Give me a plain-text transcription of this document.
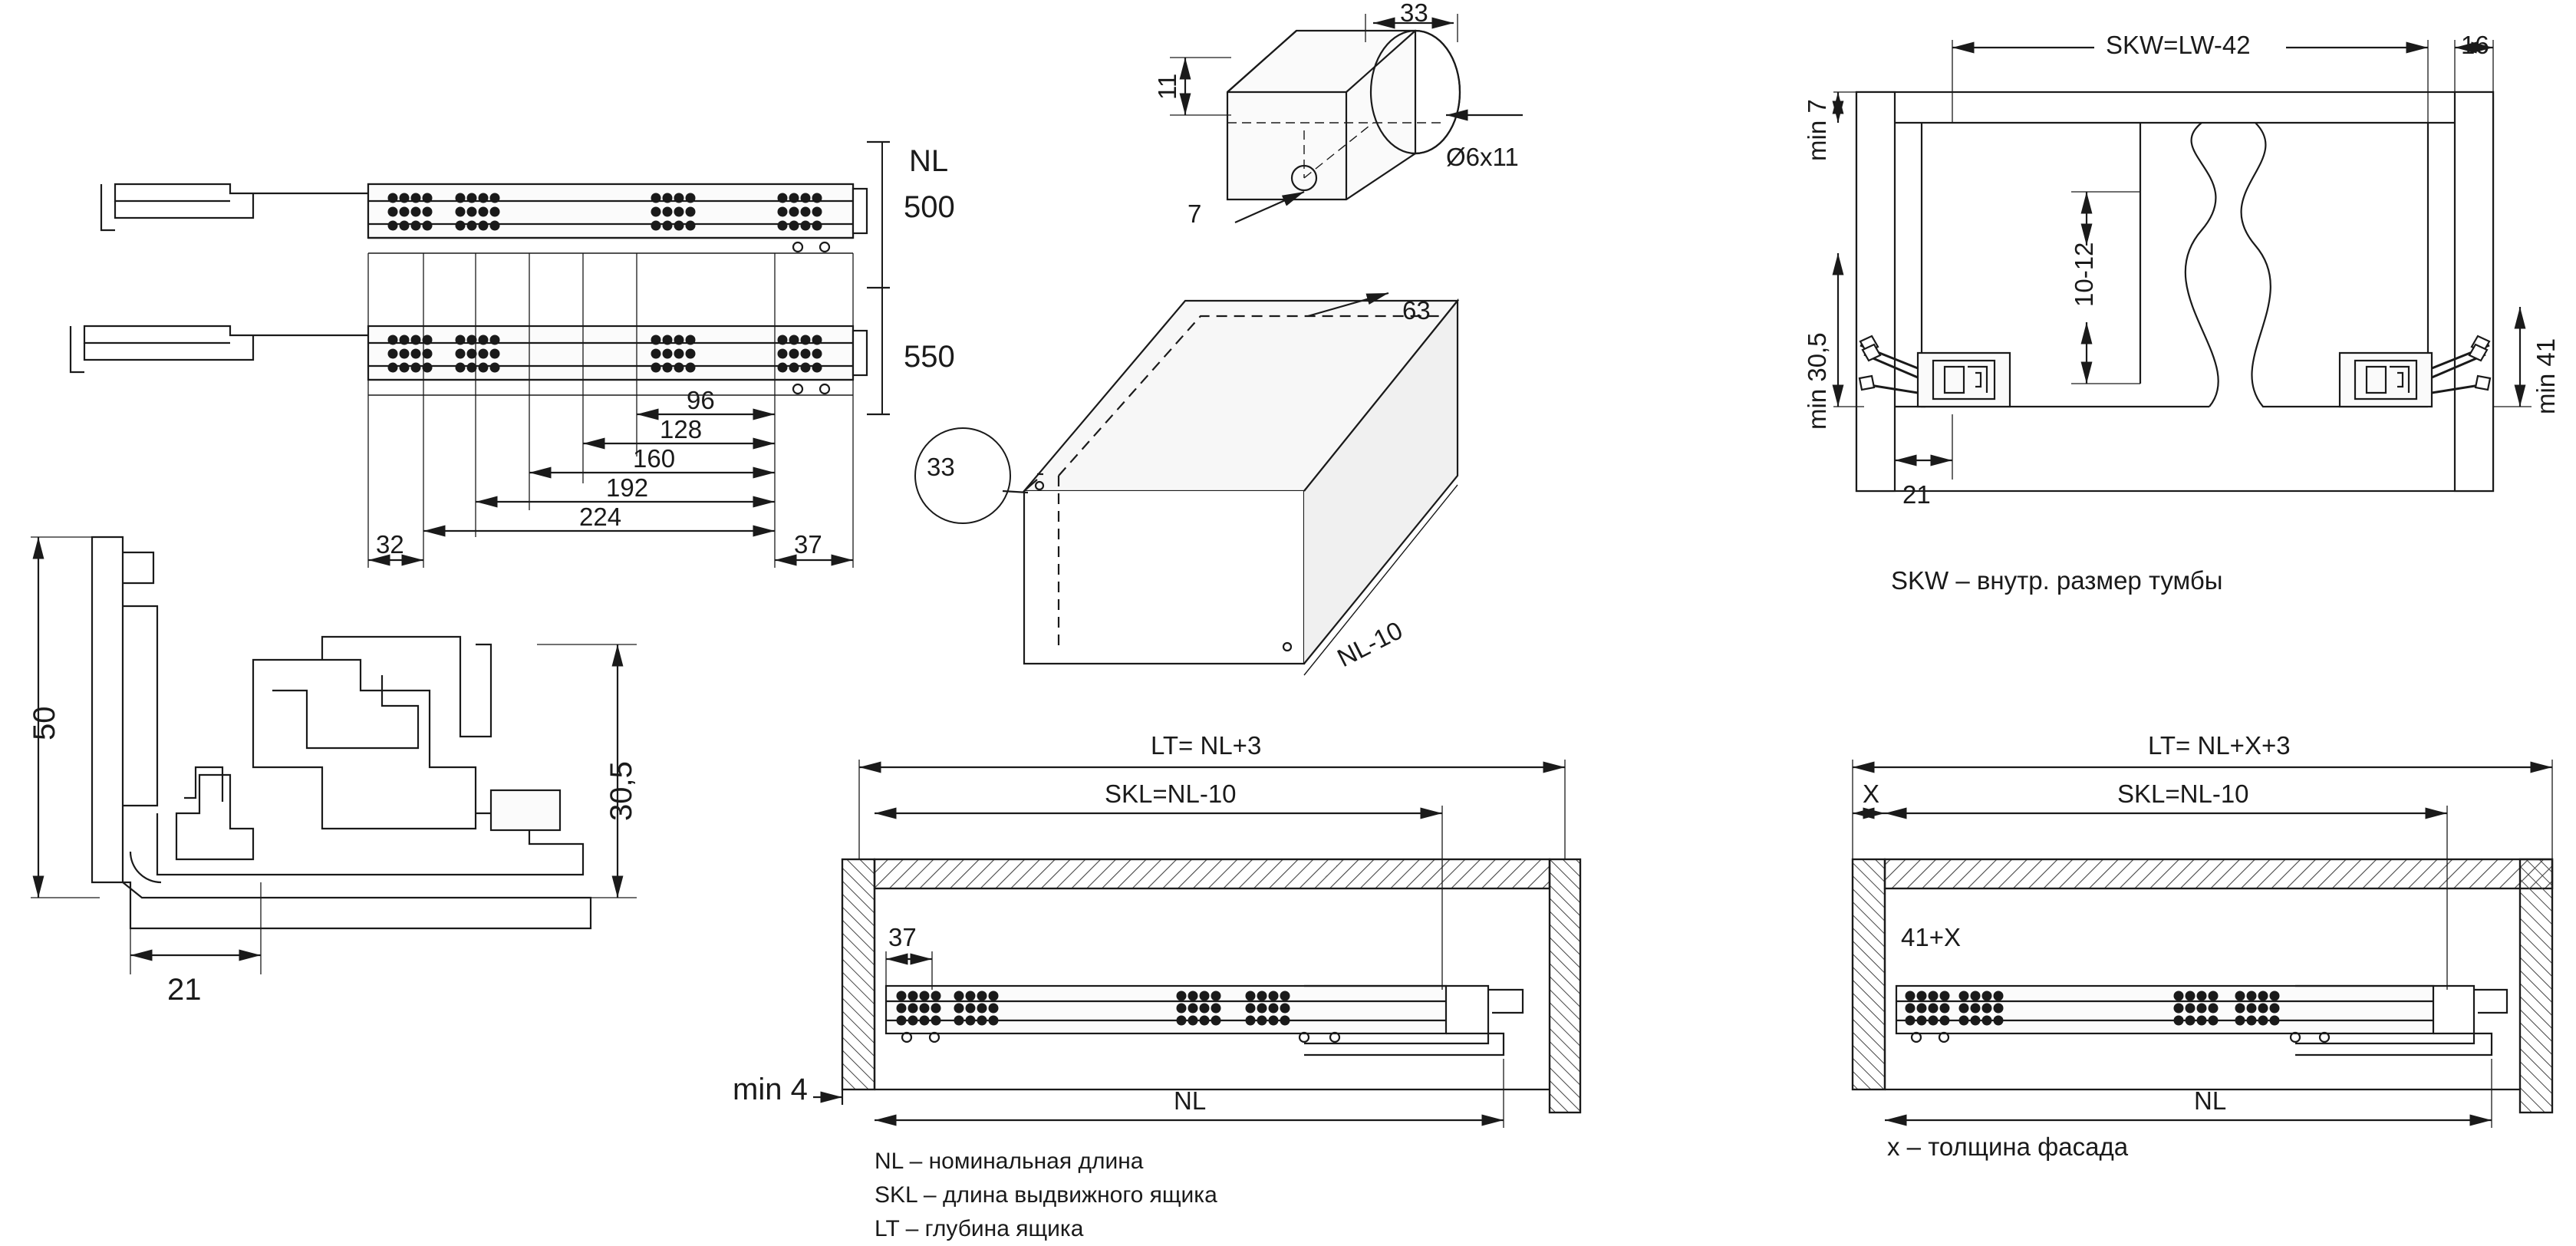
NL
500
550
96
128
160
192
224
32	37
50
30,5
21
33
11
7
Ø6x11
63
33
NL-10
SKW=LW-42	16
min 7
10-12
min 30,5	min 41
21
SKW – внутр. размер тумбы
LT= NL+3
SKL=NL-10
37
NL
min 4
LT= NL+X+3
SKL=NL-10
X
41+X
NL
x – толщина фасада
NL – номинальная длина
SKL – длина выдвижного ящика
LT – глубина ящика
